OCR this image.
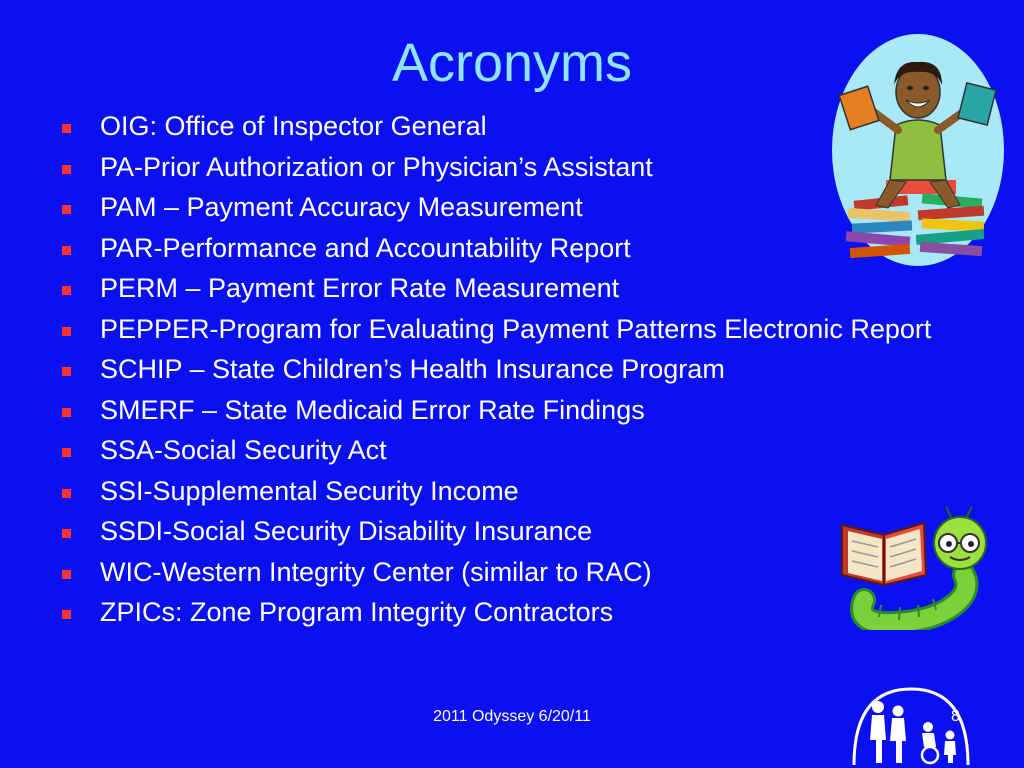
Acronyms
OIG: Office of Inspector General
PA-Prior Authorization or Physician’s Assistant
PAM – Payment Accuracy Measurement
PAR-Performance and Accountability Report
PERM – Payment Error Rate Measurement
PEPPER-Program for Evaluating Payment Patterns Electronic Report
SCHIP – State Children’s Health Insurance Program
SMERF – State Medicaid Error Rate Findings
SSA-Social Security Act
SSI-Supplemental Security Income
SSDI-Social Security Disability Insurance
WIC-Western Integrity Center (similar to RAC)
ZPICs: Zone Program Integrity Contractors
2011 Odyssey 6/20/11	8
